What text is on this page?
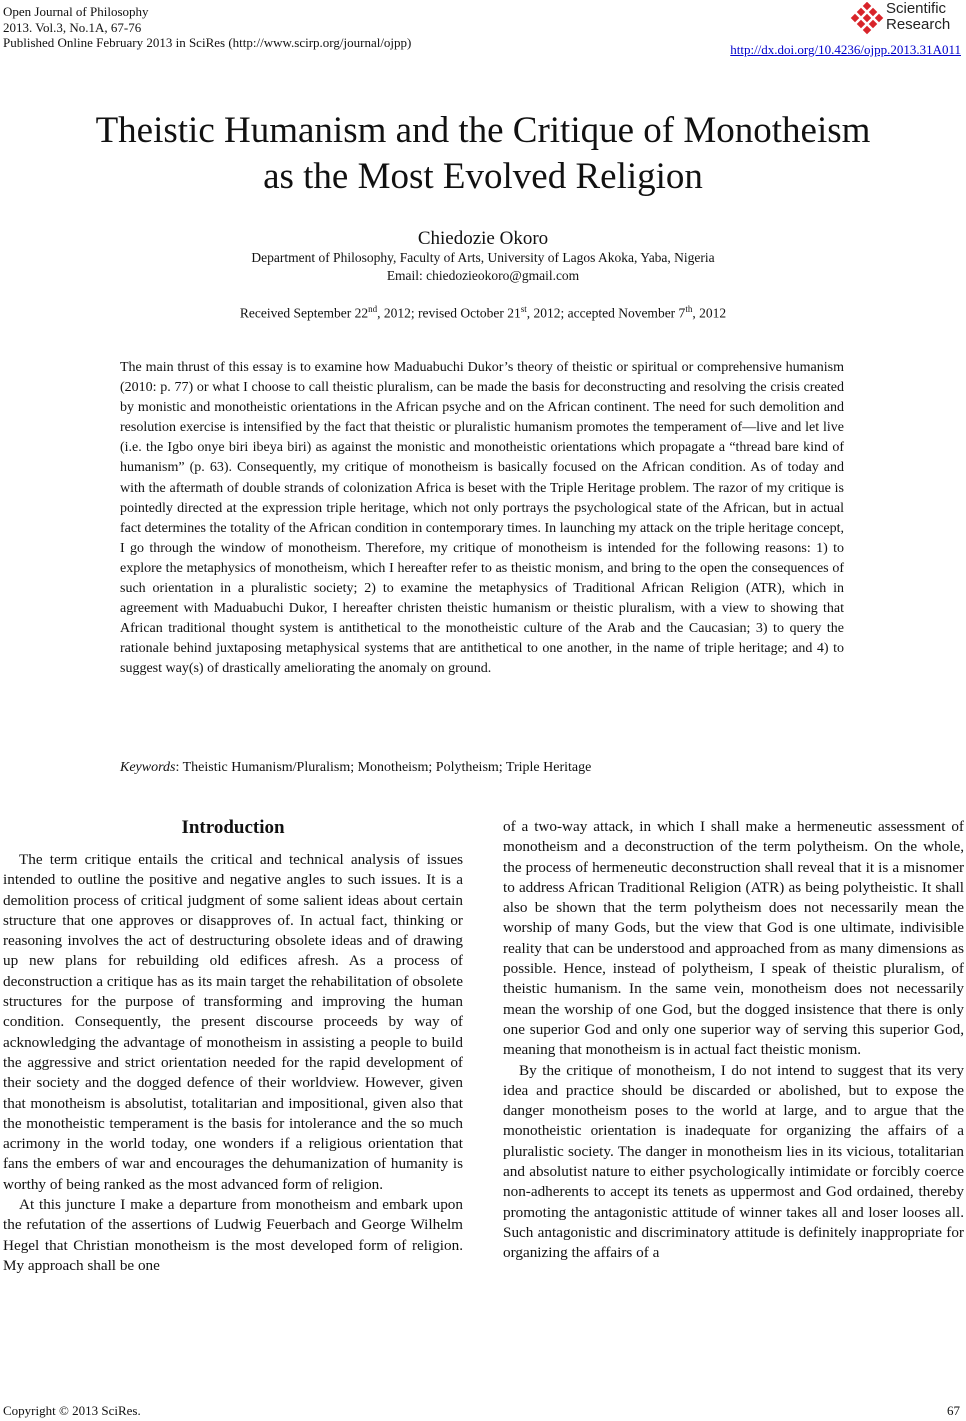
Open Journal of Philosophy
2013. Vol.3, No.1A, 67-76
Published Online February 2013 in SciRes (http://www.scirp.org/journal/ojpp)
Scientific
Research
http://dx.doi.org/10.4236/ojpp.2013.31A011
Theistic Humanism and the Critique of Monotheism
as the Most Evolved Religion
Chiedozie Okoro
Department of Philosophy, Faculty of Arts, University of Lagos Akoka, Yaba, Nigeria
Email: chiedozieokoro@gmail.com
Received September 22nd, 2012; revised October 21st, 2012; accepted November 7th, 2012

The main thrust of this essay is to examine how Maduabuchi Dukor’s theory of theistic or spiritual or comprehensive humanism (2010: p. 77) or what I choose to call theistic pluralism, can be made the basis for deconstructing and resolving the crisis created by monistic and monotheistic orientations in the African psyche and on the African continent. The need for such demolition and resolution exercise is intensified by the fact that theistic or pluralistic humanism promotes the temperament of—live and let live (i.e. the Igbo onye biri ibeya biri) as against the monistic and monotheistic orientations which propagate a “thread bare kind of humanism” (p. 63). Consequently, my critique of monotheism is basically focused on the African condition. As of today and with the aftermath of double strands of colonization Africa is beset with the Triple Heritage problem. The razor of my critique is pointedly directed at the expression triple heritage, which not only portrays the psychological state of the African, but in actual fact determines the totality of the African condition in contemporary times. In launching my attack on the triple heritage concept, I go through the window of monotheism. Therefore, my critique of monotheism is intended for the following reasons: 1) to explore the metaphysics of monotheism, which I hereafter refer to as theistic monism, and bring to the open the consequences of such orientation in a pluralistic society; 2) to examine the metaphysics of Traditional African Religion (ATR), which in agreement with Maduabuchi Dukor, I hereafter christen theistic humanism or theistic pluralism, with a view to showing that African traditional thought system is antithetical to the monotheistic culture of the Arab and the Caucasian; 3) to query the rationale behind juxtaposing metaphysical systems that are antithetical to one another, in the name of triple heritage; and 4) to suggest way(s) of drastically ameliorating the anomaly on ground.

Keywords: Theistic Humanism/Pluralism; Monotheism; Polytheism; Triple Heritage
Introduction

The term critique entails the critical and technical analysis of issues intended to outline the positive and negative angles to such issues. It is a demolition process of critical judgment of some salient ideas about certain structure that one approves or disapproves of. In actual fact, thinking or reasoning involves the act of destructuring obsolete ideas and of drawing up new plans for rebuilding old edifices afresh. As a process of deconstruction a critique has as its main target the rehabilitation of obsolete structures for the purpose of transforming and improving the human condition. Consequently, the present discourse proceeds by way of acknowledging the advantage of monotheism in assisting a people to build the aggressive and strict orientation needed for the rapid development of their society and the dogged defence of their worldview. However, given that monotheism is absolutist, totalitarian and impositional, given also that the monotheistic temperament is the basis for intolerance and the so much acrimony in the world today, one wonders if a religious orientation that fans the embers of war and encourages the dehumanization of humanity is worthy of being ranked as the most advanced form of religion.

At this juncture I make a departure from monotheism and embark upon the refutation of the assertions of Ludwig Feuerbach and George Wilhelm Hegel that Christian monotheism is the most developed form of religion. My approach shall be one

of a two-way attack, in which I shall make a hermeneutic assessment of monotheism and a deconstruction of the term polytheism. On the whole, the process of hermeneutic deconstruction shall reveal that it is a misnomer to address African Traditional Religion (ATR) as being polytheistic. It shall also be shown that the term polytheism does not necessarily mean the worship of many Gods, but the view that God is one ultimate, indivisible reality that can be understood and approached from as many dimensions as possible. Hence, instead of polytheism, I speak of theistic pluralism, of theistic humanism. In the same vein, monotheism does not necessarily mean the worship of one God, but the dogged insistence that there is only one superior God and only one superior way of serving this superior God, meaning that monotheism is in actual fact theistic monism.

By the critique of monotheism, I do not intend to suggest that its very idea and practice should be discarded or abolished, but to expose the danger monotheism poses to the world at large, and to argue that the monotheistic orientation is inadequate for organizing the affairs of a pluralistic society. The danger in monotheism lies in its vicious, totalitarian and absolutist nature to either psychologically intimidate or forcibly coerce non-adherents to accept its tenets as uppermost and God ordained, thereby promoting the antagonistic attitude of winner takes all and loser looses all. Such antagonistic and discriminatory attitude is definitely inappropriate for organizing the affairs of a

Copyright © 2013 SciRes.	67
